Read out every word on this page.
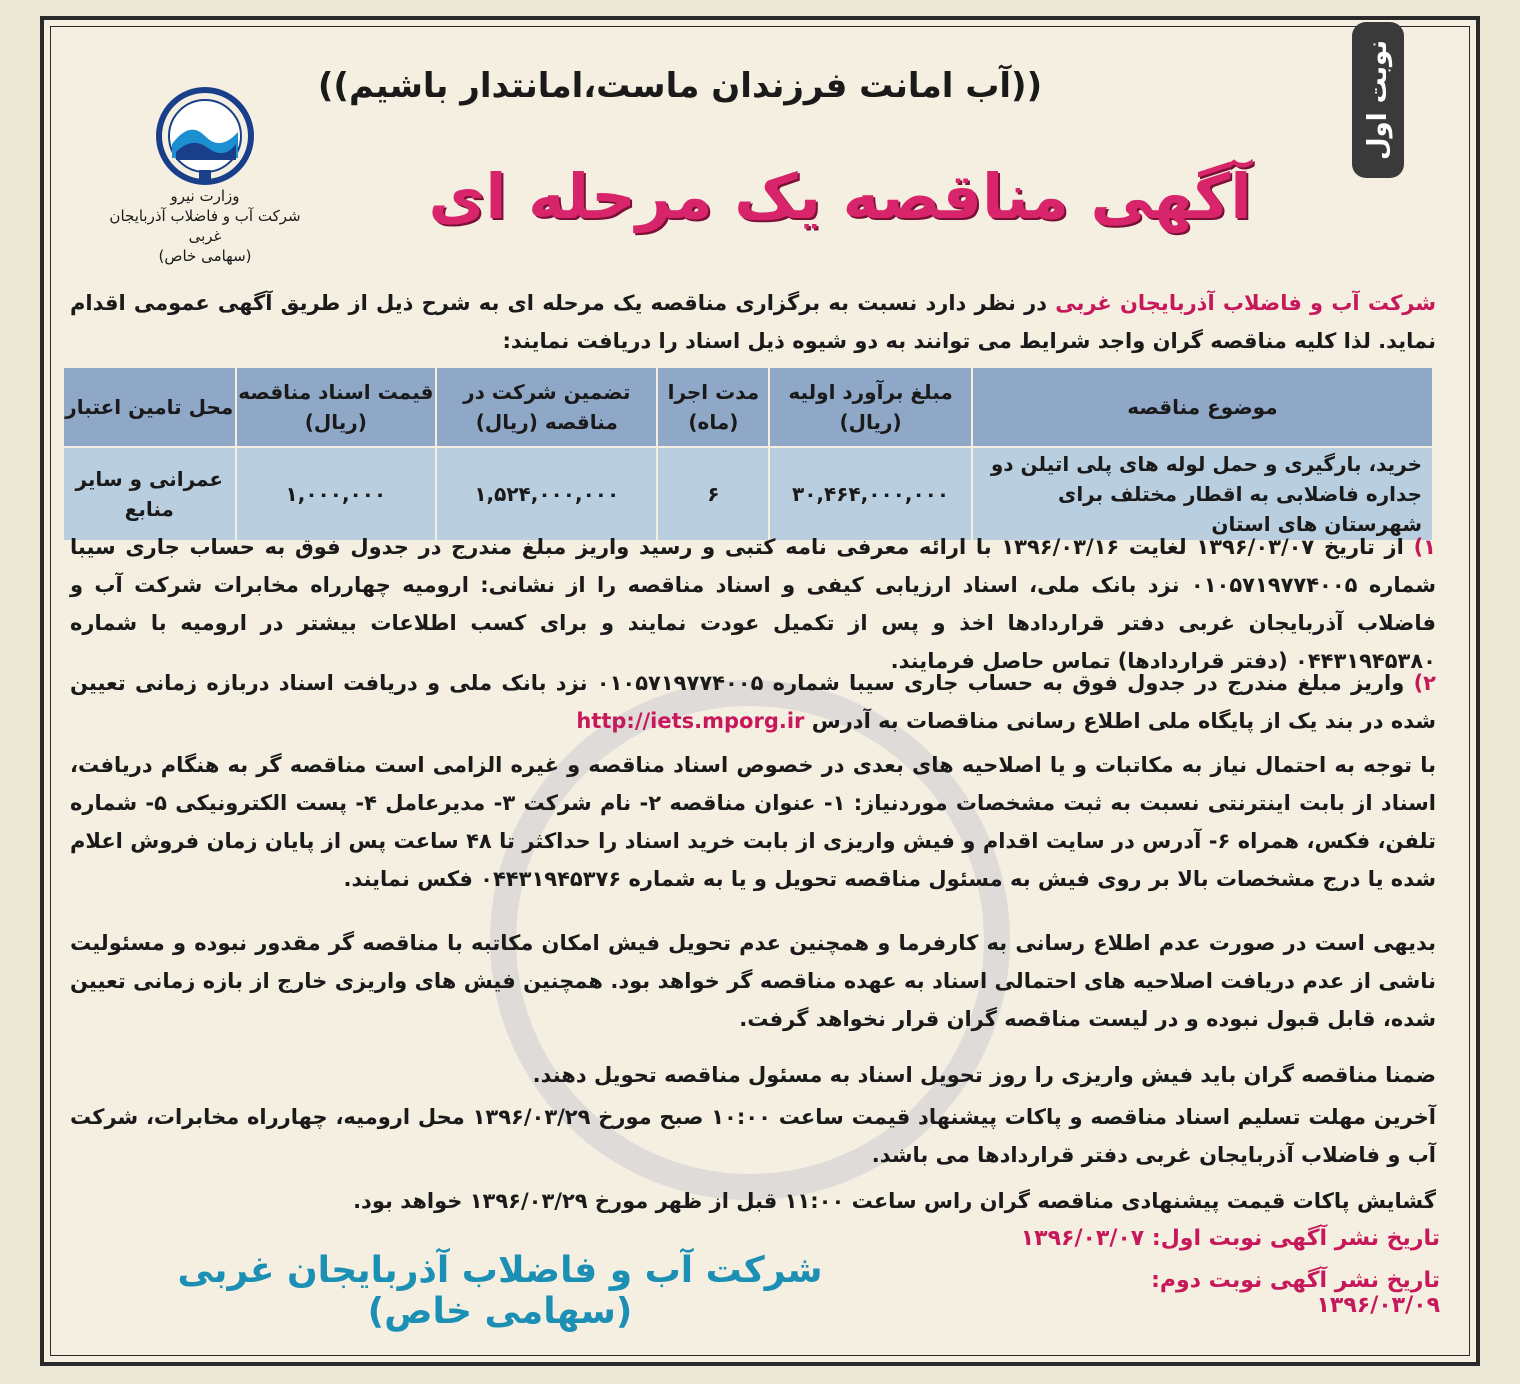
نوبت اول
((آب امانت فرزندان ماست،امانتدار باشیم))
آگهی مناقصه یک مرحله ای
وزارت نیرو
شرکت آب و فاضلاب آذربایجان غربی
(سهامی خاص)
شرکت آب و فاضلاب آذربایجان غربی در نظر دارد نسبت به برگزاری مناقصه یک مرحله ای به شرح ذیل از طریق آگهی عمومی اقدام نماید. لذا کلیه مناقصه گران واجد شرایط می توانند به دو شیوه ذیل اسناد را دریافت نمایند:
موضوع مناقصه	مبلغ برآورد اولیه (ریال)	مدت اجرا (ماه)	تضمین شرکت در مناقصه (ریال)	قیمت اسناد مناقصه (ریال)	محل تامین اعتبار
خرید، بارگیری و حمل لوله های پلی اتیلن دو جداره فاضلابی به اقطار مختلف برای شهرستان های استان	۳۰,۴۶۴,۰۰۰,۰۰۰	۶	۱,۵۲۴,۰۰۰,۰۰۰	۱,۰۰۰,۰۰۰	عمرانی و سایر منابع
۱) از تاریخ ۱۳۹۶/۰۳/۰۷ لغایت ۱۳۹۶/۰۳/۱۶ با ارائه معرفی نامه کتبی و رسید واریز مبلغ مندرج در جدول فوق به حساب جاری سیبا شماره ۰۱۰۵۷۱۹۷۷۴۰۰۵ نزد بانک ملی، اسناد ارزیابی کیفی و اسناد مناقصه را از نشانی: ارومیه چهارراه مخابرات شرکت آب و فاضلاب آذربایجان غربی دفتر قراردادها اخذ و پس از تکمیل عودت نمایند و برای کسب اطلاعات بیشتر در ارومیه با شماره ۰۴۴۳۱۹۴۵۳۸۰ (دفتر قراردادها) تماس حاصل فرمایند.
۲) واریز مبلغ مندرج در جدول فوق به حساب جاری سیبا شماره ۰۱۰۵۷۱۹۷۷۴۰۰۵ نزد بانک ملی و دریافت اسناد دربازه زمانی تعیین شده در بند یک از پایگاه ملی اطلاع رسانی مناقصات به آدرس http://iets.mporg.ir
با توجه به احتمال نیاز به مکاتبات و یا اصلاحیه های بعدی در خصوص اسناد مناقصه و غیره الزامی است مناقصه گر به هنگام دریافت، اسناد از بابت اینترنتی نسبت به ثبت مشخصات موردنیاز: ۱- عنوان مناقصه ۲- نام شرکت ۳- مدیرعامل ۴- پست الکترونیکی ۵- شماره تلفن، فکس، همراه ۶- آدرس در سایت اقدام و فیش واریزی از بابت خرید اسناد را حداکثر تا ۴۸ ساعت پس از پایان زمان فروش اعلام شده یا درج مشخصات بالا بر روی فیش به مسئول مناقصه تحویل و یا به شماره ۰۴۴۳۱۹۴۵۳۷۶ فکس نمایند.
بدیهی است در صورت عدم اطلاع رسانی به کارفرما و همچنین عدم تحویل فیش امکان مکاتبه با مناقصه گر مقدور نبوده و مسئولیت ناشی از عدم دریافت اصلاحیه های احتمالی اسناد به عهده مناقصه گر خواهد بود. همچنین فیش های واریزی خارج از بازه زمانی تعیین شده، قابل قبول نبوده و در لیست مناقصه گران قرار نخواهد گرفت.
ضمنا مناقصه گران باید فیش واریزی را روز تحویل اسناد به مسئول مناقصه تحویل دهند.
آخرین مهلت تسلیم اسناد مناقصه و پاکات پیشنهاد قیمت ساعت ۱۰:۰۰ صبح مورخ ۱۳۹۶/۰۳/۲۹ محل ارومیه، چهارراه مخابرات، شرکت آب و فاضلاب آذربایجان غربی دفتر قراردادها می باشد.
گشایش پاکات قیمت پیشنهادی مناقصه گران راس ساعت ۱۱:۰۰ قبل از ظهر مورخ ۱۳۹۶/۰۳/۲۹ خواهد بود.
تاریخ نشر آگهی نوبت اول: ۱۳۹۶/۰۳/۰۷
تاریخ نشر آگهی نوبت دوم: ۱۳۹۶/۰۳/۰۹
شرکت آب و فاضلاب آذربایجان غربی (سهامی خاص)
